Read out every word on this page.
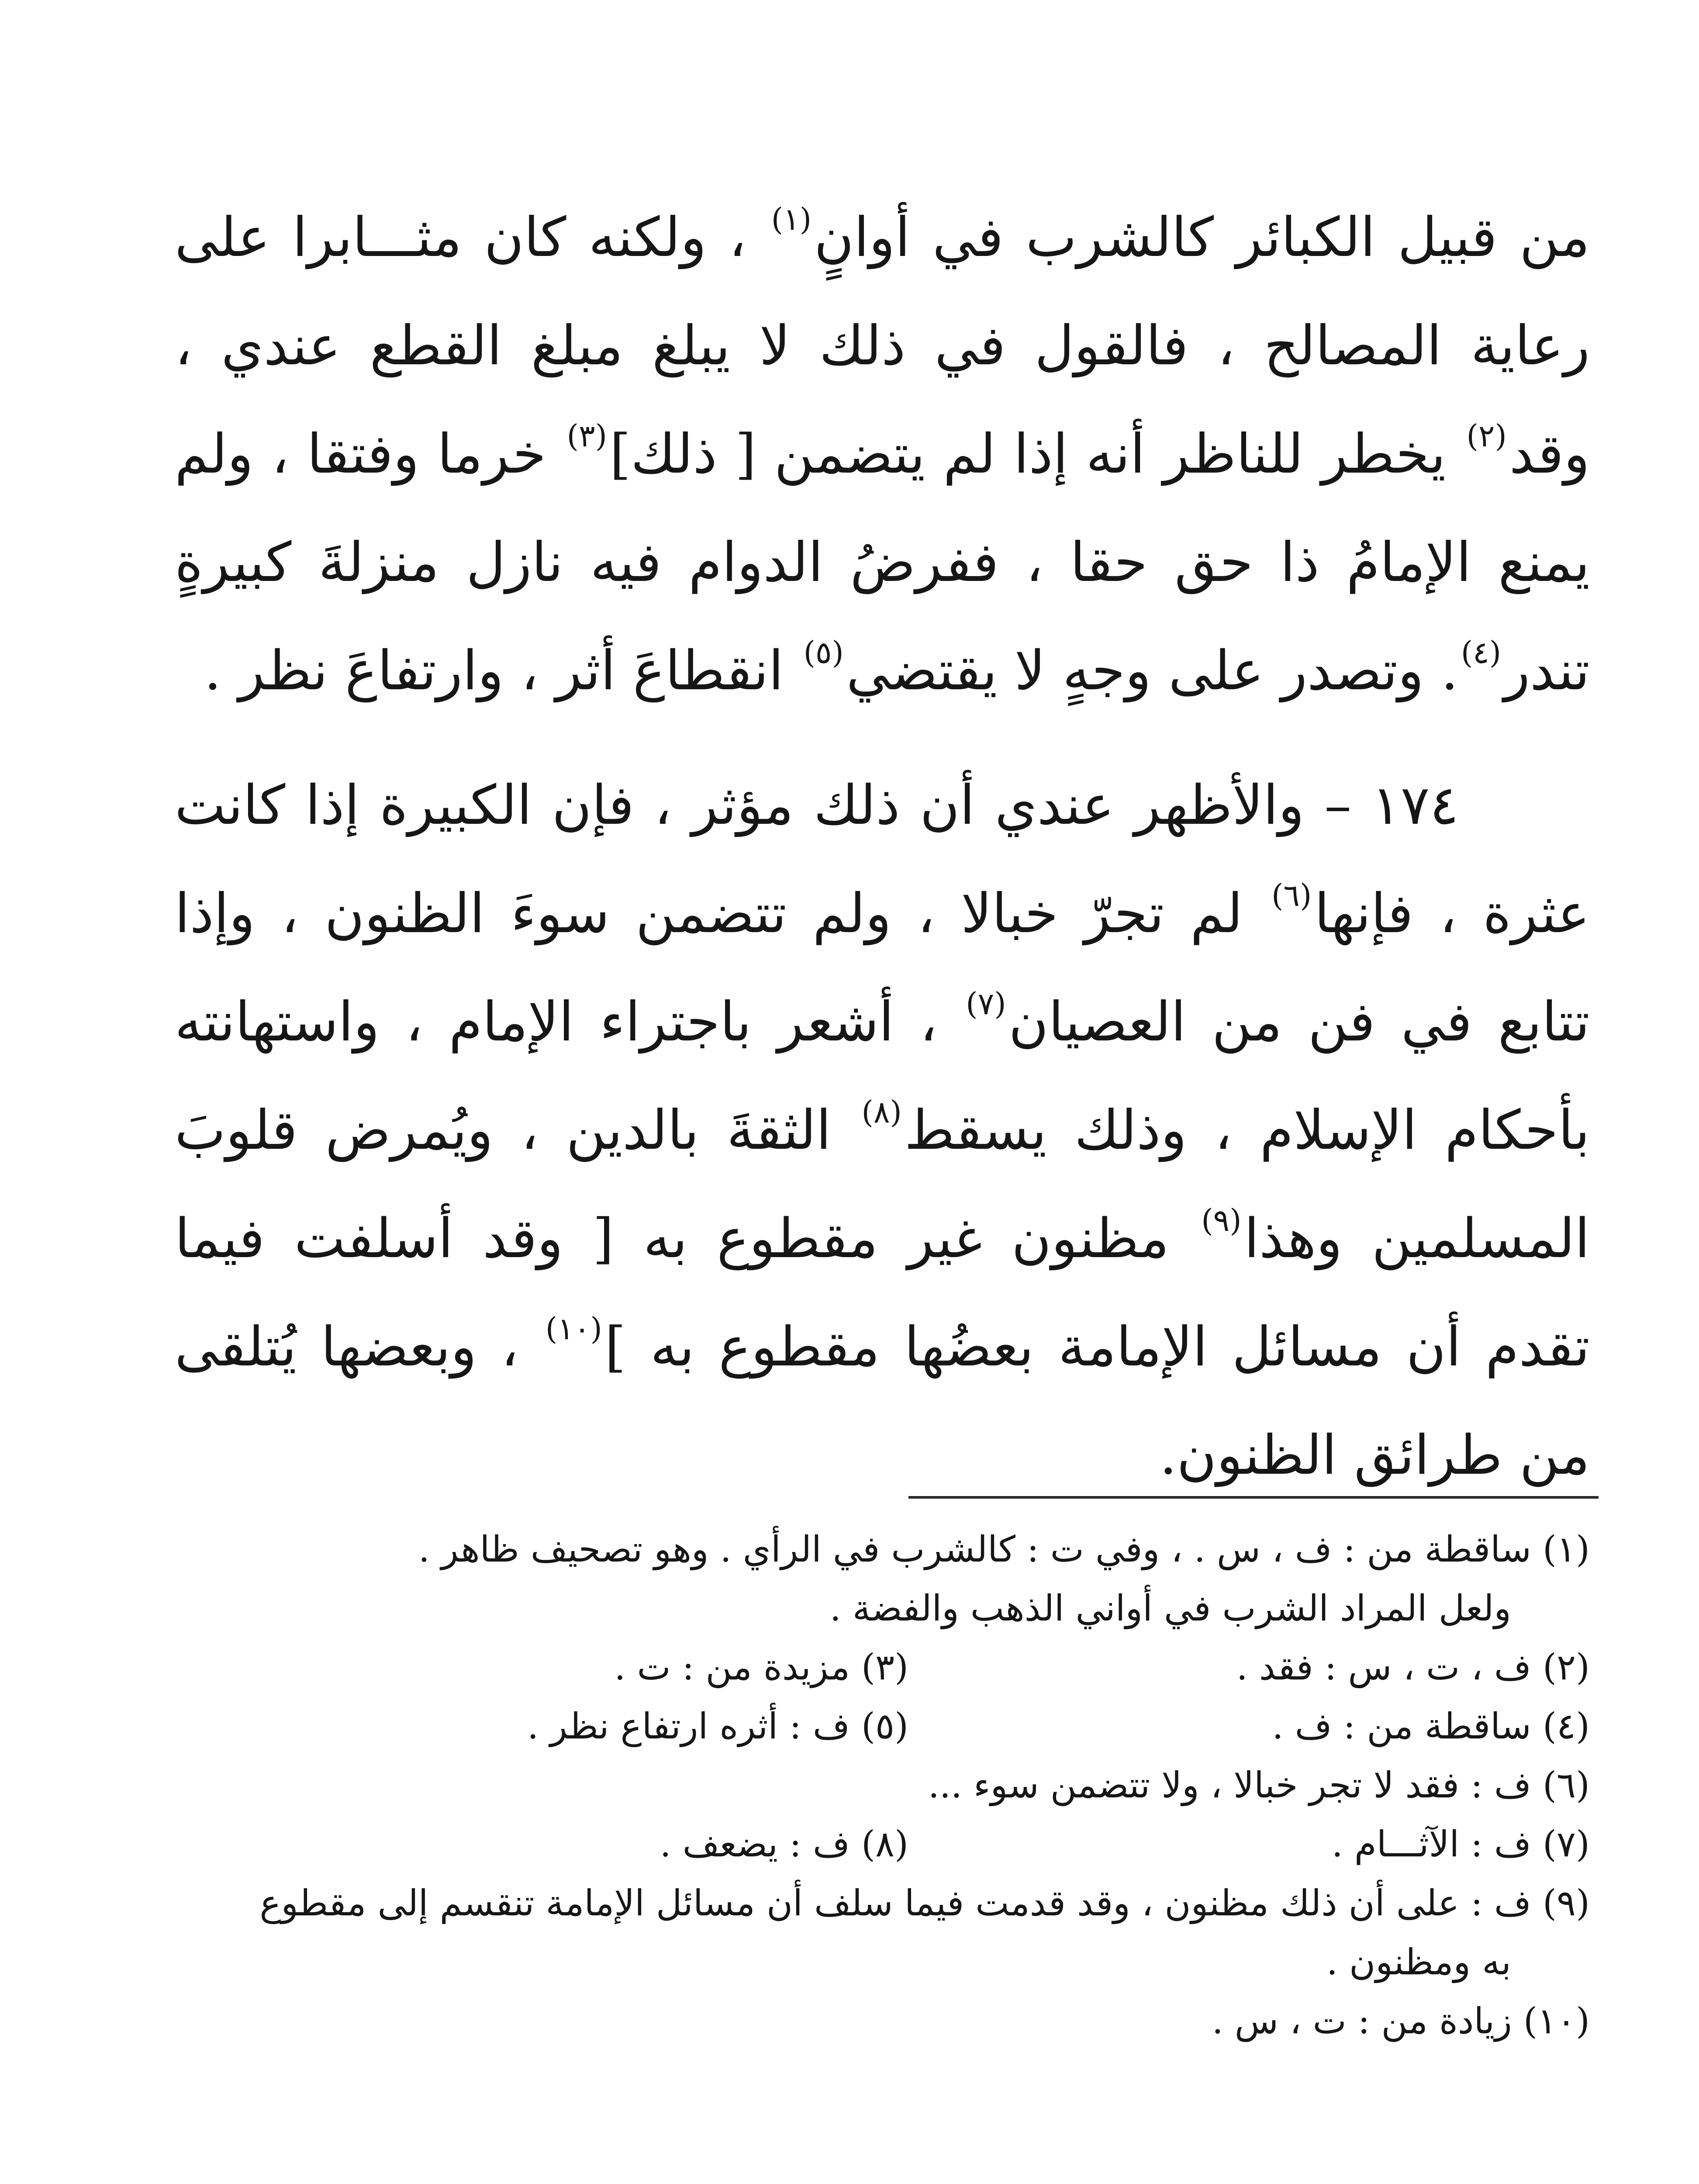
من قبيل الكبائر كالشرب في أوانٍ$^{(١)}$ ، ولكنه كان مثـــابرا على رعاية المصالح ، فالقول في ذلك لا يبلغ مبلغ القطع عندي ، وقد$^{(٢)}$ يخطر للناظر أنه إذا لم يتضمن [ ذلك]$^{(٣)}$ خرما وفتقا ، ولم يمنع الإمامُ ذا حق حقا ، ففرضُ الدوام فيه نازل منزلةَ كبيرةٍ تندر$^{(٤)}$. وتصدر على وجهٍ لا يقتضي$^{(٥)}$ انقطاعَ أثر ، وارتفاعَ نظر .

١٧٤ – والأظهر عندي أن ذلك مؤثر ، فإن الكبيرة إذا كانت عثرة ، فإنها$^{(٦)}$ لم تجرّ خبالا ، ولم تتضمن سوءَ الظنون ، وإذا تتابع في فن من العصيان$^{(٧)}$ ، أشعر باجتراء الإمام ، واستهانته بأحكام الإسلام ، وذلك يسقط$^{(٨)}$ الثقةَ بالدين ، ويُمرض قلوبَ المسلمين وهذا$^{(٩)}$ مظنون غير مقطوع به [ وقد أسلفت فيما تقدم أن مسائل الإمامة بعضُها مقطوع به ]$^{(١٠)}$ ، وبعضها يُتلقى من طرائق الظنون.

(١) ساقطة من : ف ، س . ، وفي ت : كالشرب في الرأي . وهو تصحيف ظاهر .
ولعل المراد الشرب في أواني الذهب والفضة .
(٢) ف ، ت ، س : فقد .
(٣) مزيدة من : ت .
(٤) ساقطة من : ف .
(٥) ف : أثره ارتفاع نظر .
(٦) ف : فقد لا تجر خبالا ، ولا تتضمن سوء ...
(٧) ف : الآثـــام .
(٨) ف : يضعف .
(٩) ف : على أن ذلك مظنون ، وقد قدمت فيما سلف أن مسائل الإمامة تنقسم إلى مقطوع
به ومظنون .
(١٠) زيادة من : ت ، س .
